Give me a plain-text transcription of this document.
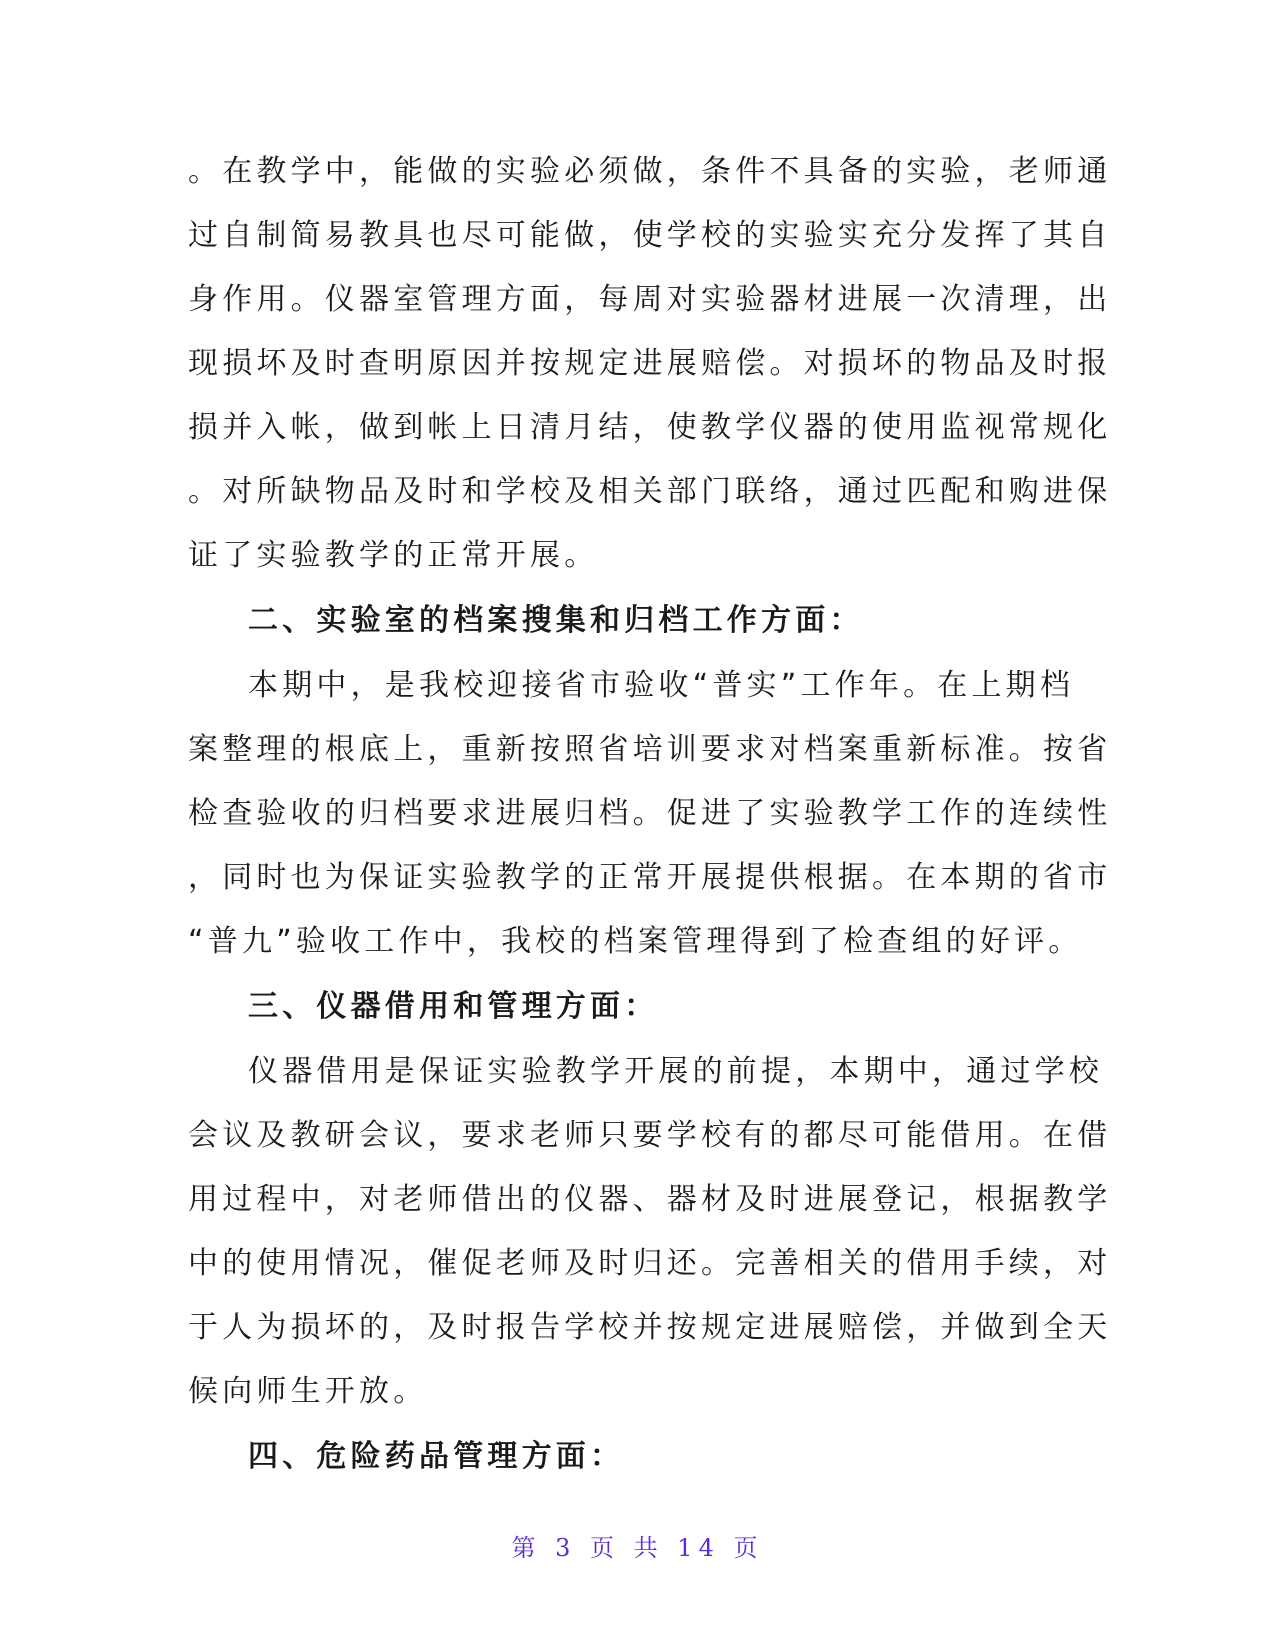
。在教学中，能做的实验必须做，条件不具备的实验，老师通
过自制简易教具也尽可能做，使学校的实验实充分发挥了其自
身作用。仪器室管理方面，每周对实验器材进展一次清理，出
现损坏及时查明原因并按规定进展赔偿。对损坏的物品及时报
损并入帐，做到帐上日清月结，使教学仪器的使用监视常规化
。对所缺物品及时和学校及相关部门联络，通过匹配和购进保
证了实验教学的正常开展。
二、实验室的档案搜集和归档工作方面：
本期中，是我校迎接省市验收“普实”工作年。在上期档
案整理的根底上，重新按照省培训要求对档案重新标准。按省
检查验收的归档要求进展归档。促进了实验教学工作的连续性
，同时也为保证实验教学的正常开展提供根据。在本期的省市
“普九”验收工作中，我校的档案管理得到了检查组的好评。
三、仪器借用和管理方面：
仪器借用是保证实验教学开展的前提，本期中，通过学校
会议及教研会议，要求老师只要学校有的都尽可能借用。在借
用过程中，对老师借出的仪器、器材及时进展登记，根据教学
中的使用情况，催促老师及时归还。完善相关的借用手续，对
于人为损坏的，及时报告学校并按规定进展赔偿，并做到全天
候向师生开放。
四、危险药品管理方面：
第 3 页 共 14 页
